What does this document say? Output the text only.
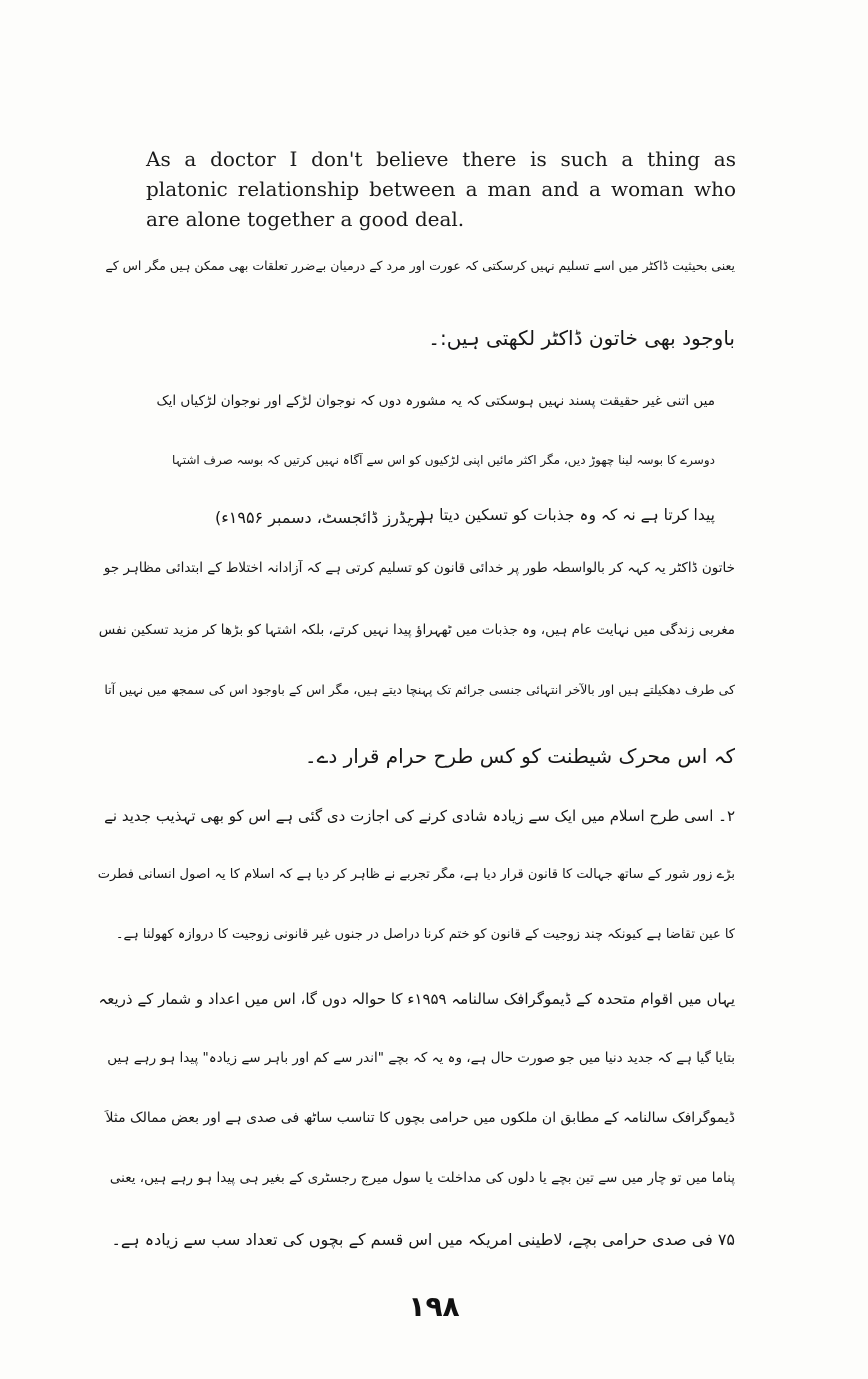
As a doctor I don't believe there is such a thing as platonic relationship between a man and a woman who are alone together a good deal.

یعنی بحیثیت ڈاکٹر میں اسے تسلیم نہیں کرسکتی کہ عورت اور مرد کے درمیان بےضرر تعلقات بھی ممکن ہیں مگر اس کے

باوجود بھی خاتون ڈاکٹر لکھتی ہیں:۔

میں اتنی غیر حقیقت پسند نہیں ہوسکتی کہ یہ مشورہ دوں کہ نوجوان لڑکے اور نوجوان لڑکیاں ایک

دوسرے کا بوسہ لینا چھوڑ دیں، مگر اکثر مائیں اپنی لڑکیوں کو اس سے آگاہ نہیں کرتیں کہ بوسہ صرف اشتہا

پیدا کرتا ہے نہ کہ وہ جذبات کو تسکین دیتا ہے۔

(ریڈرز ڈائجسٹ، دسمبر ۱۹۵۶ء)

خاتون ڈاکٹر یہ کہہ کر بالواسطہ طور پر خدائی قانون کو تسلیم کرتی ہے کہ آزادانہ اختلاط کے ابتدائی مظاہر جو

مغربی زندگی میں نہایت عام ہیں، وہ جذبات میں ٹھہراؤ پیدا نہیں کرتے، بلکہ اشتہا کو بڑھا کر مزید تسکین نفس

کی طرف دھکیلتے ہیں اور بالآخر انتہائی جنسی جرائم تک پہنچا دیتے ہیں، مگر اس کے باوجود اس کی سمجھ میں نہیں آتا

کہ اس محرک شیطنت کو کس طرح حرام قرار دے۔

۲۔ اسی طرح اسلام میں ایک سے زیادہ شادی کرنے کی اجازت دی گئی ہے اس کو بھی تہذیب جدید نے

بڑے زور شور کے ساتھ جہالت کا قانون قرار دیا ہے، مگر تجربے نے ظاہر کر دیا ہے کہ اسلام کا یہ اصول انسانی فطرت

کا عین تقاضا ہے کیونکہ چند زوجیت کے قانون کو ختم کرنا دراصل در جنوں غیر قانونی زوجیت کا دروازہ کھولنا ہے۔

یہاں میں اقوام متحدہ کے ڈیموگرافک سالنامہ ۱۹۵۹ء کا حوالہ دوں گا، اس میں اعداد و شمار کے ذریعہ

بتایا گیا ہے کہ جدید دنیا میں جو صورت حال ہے، وہ یہ کہ بچے "اندر سے کم اور باہر سے زیادہ" پیدا ہو رہے ہیں

ڈیموگرافک سالنامہ کے مطابق ان ملکوں میں حرامی بچوں کا تناسب ساٹھ فی صدی ہے اور بعض ممالک مثلاً

پناما میں تو چار میں سے تین بچے یا دلوں کی مداخلت یا سول میرج رجسٹری کے بغیر ہی پیدا ہو رہے ہیں، یعنی

۷۵ فی صدی حرامی بچے، لاطینی امریکہ میں اس قسم کے بچوں کی تعداد سب سے زیادہ ہے۔

۱۹۸
